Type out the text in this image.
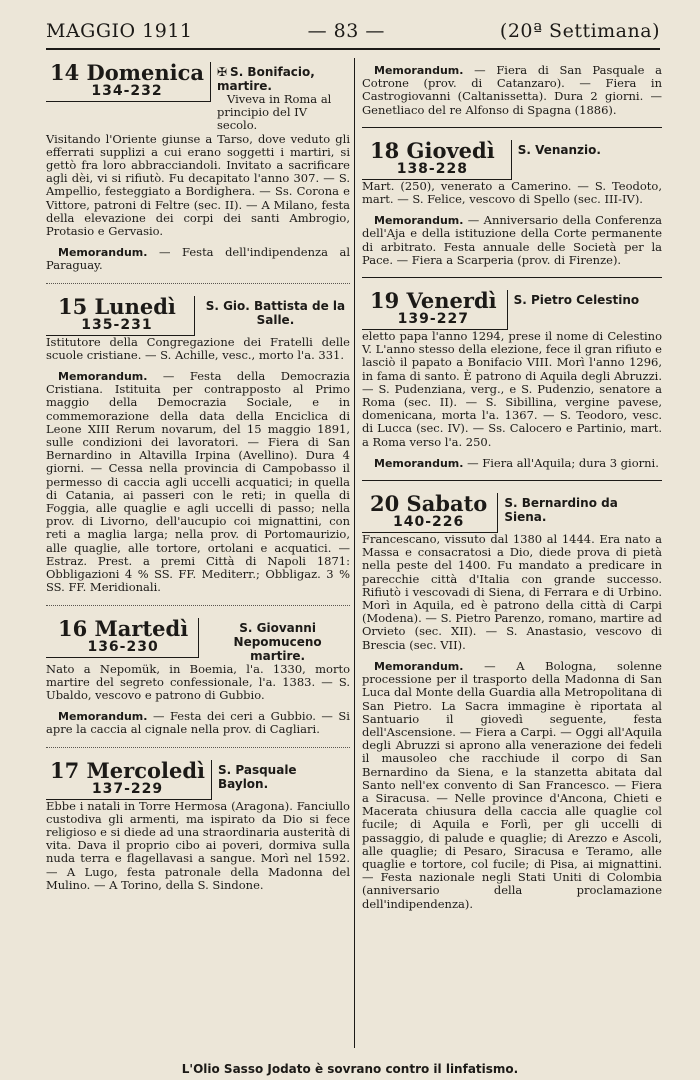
MAGGIO 1911	— 83 —	(20ª Settimana)
14 Domenica
134-232
✠ S. Bonifacio, martire.

Viveva in Roma al principio del IV secolo.

Visitando l'Oriente giunse a Tarso, dove veduto gli efferrati supplizi a cui erano soggetti i martiri, si gettò fra loro abbracciandoli. Invitato a sacrificare agli dèi, vi si rifiutò. Fu decapitato l'anno 307. — S. Ampellio, festeggiato a Bordighera. — Ss. Corona e Vittore, patroni di Feltre (sec. II). — A Milano, festa della elevazione dei corpi dei santi Ambrogio, Protasio e Gervasio.

Memorandum. — Festa dell'indipendenza al Paraguay.

15 Lunedì
135-231
S. Gio. Battista de la Salle.

Istitutore della Congregazione dei Fratelli delle scuole cristiane. — S. Achille, vesc., morto l'a. 331.

Memorandum. — Festa della Democrazia Cristiana. Istituita per contrapposto al Primo maggio della Democrazia Sociale, e in commemorazione della data della Enciclica di Leone XIII Rerum novarum, del 15 maggio 1891, sulle condizioni dei lavoratori. — Fiera di San Bernardino in Altavilla Irpina (Avellino). Dura 4 giorni. — Cessa nella provincia di Campobasso il permesso di caccia agli uccelli acquatici; in quella di Catania, ai passeri con le reti; in quella di Foggia, alle quaglie e agli uccelli di passo; nella prov. di Livorno, dell'aucupio coi mignattini, con reti a maglia larga; nella prov. di Portomaurizio, alle quaglie, alle tortore, ortolani e acquatici. — Estraz. Prest. a premi Città di Napoli 1871: Obbligazioni 4 % SS. FF. Mediterr.; Obbligaz. 3 % SS. FF. Meridionali.

16 Martedì
136-230
S. Giovanni Nepomuceno martire.

Nato a Nepomük, in Boemia, l'a. 1330, morto martire del segreto confessionale, l'a. 1383. — S. Ubaldo, vescovo e patrono di Gubbio.

Memorandum. — Festa dei ceri a Gubbio. — Si apre la caccia al cignale nella prov. di Cagliari.

17 Mercoledì
137-229
S. Pasquale Baylon.

Ebbe i natali in Torre Hermosa (Aragona). Fanciullo custodiva gli armenti, ma ispirato da Dio si fece religioso e si diede ad una straordinaria austerità di vita. Dava il proprio cibo ai poveri, dormiva sulla nuda terra e flagellavasi a sangue. Morì nel 1592. — A Lugo, festa patronale della Madonna del Mulino. — A Torino, della S. Sindone.

Memorandum. — Fiera di San Pasquale a Cotrone (prov. di Catanzaro). — Fiera in Castrogiovanni (Caltanissetta). Dura 2 giorni. — Genetliaco del re Alfonso di Spagna (1886).

18 Giovedì
138-228
S. Venanzio.

Mart. (250), venerato a Camerino. — S. Teodoto, mart. — S. Felice, vescovo di Spello (sec. III-IV).

Memorandum. — Anniversario della Conferenza dell'Aja e della istituzione della Corte permanente di arbitrato. Festa annuale delle Società per la Pace. — Fiera a Scarperia (prov. di Firenze).

19 Venerdì
139-227
S. Pietro Celestino

eletto papa l'anno 1294, prese il nome di Celestino V. L'anno stesso della elezione, fece il gran rifiuto e lasciò il papato a Bonifacio VIII. Morì l'anno 1296, in fama di santo. È patrono di Aquila degli Abruzzi. — S. Pudenziana, verg., e S. Pudenzio, senatore a Roma (sec. II). — S. Sibillina, vergine pavese, domenicana, morta l'a. 1367. — S. Teodoro, vesc. di Lucca (sec. IV). — Ss. Calocero e Partinio, mart. a Roma verso l'a. 250.

Memorandum. — Fiera all'Aquila; dura 3 giorni.

20 Sabato
140-226
S. Bernardino da Siena.

Francescano, vissuto dal 1380 al 1444. Era nato a Massa e consacratosi a Dio, diede prova di pietà nella peste del 1400. Fu mandato a predicare in parecchie città d'Italia con grande successo. Rifiutò i vescovadi di Siena, di Ferrara e di Urbino. Morì in Aquila, ed è patrono della città di Carpi (Modena). — S. Pietro Parenzo, romano, martire ad Orvieto (sec. XII). — S. Anastasio, vescovo di Brescia (sec. VII).

Memorandum. — A Bologna, solenne processione per il trasporto della Madonna di San Luca dal Monte della Guardia alla Metropolitana di San Pietro. La Sacra immagine è riportata al Santuario il giovedì seguente, festa dell'Ascensione. — Fiera a Carpi. — Oggi all'Aquila degli Abruzzi si aprono alla venerazione dei fedeli il mausoleo che racchiude il corpo di San Bernardino da Siena, e la stanzetta abitata dal Santo nell'ex convento di San Francesco. — Fiera a Siracusa. — Nelle province d'Ancona, Chieti e Macerata chiusura della caccia alle quaglie col fucile; di Aquila e Forlì, per gli uccelli di passaggio, di palude e quaglie; di Arezzo e Ascoli, alle quaglie; di Pesaro, Siracusa e Teramo, alle quaglie e tortore, col fucile; di Pisa, ai mignattini. — Festa nazionale negli Stati Uniti di Colombia (anniversario della proclamazione dell'indipendenza).

L'Olio Sasso Jodato è sovrano contro il linfatismo.
